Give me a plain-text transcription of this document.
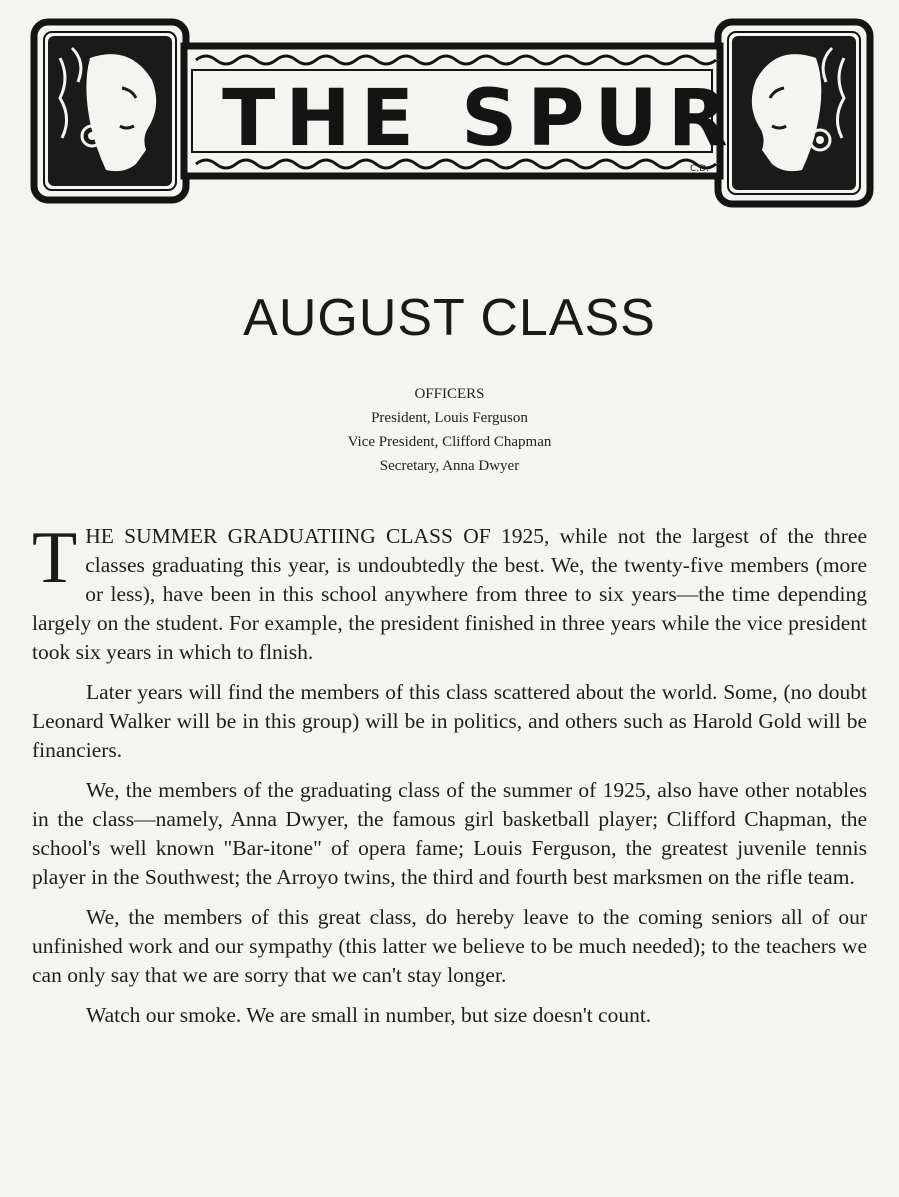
THE SPUR
C.D.
AUGUST CLASS
OFFICERS
President, Louis Ferguson
Vice President, Clifford Chapman
Secretary, Anna Dwyer

THE SUMMER GRADUATIING CLASS OF 1925, while not the largest of the three classes graduating this year, is undoubtedly the best. We, the twenty-five members (more or less), have been in this school anywhere from three to six years—the time depending largely on the student. For example, the president finished in three years while the vice president took six years in which to flnish.

Later years will find the members of this class scattered about the world. Some, (no doubt Leonard Walker will be in this group) will be in politics, and others such as Harold Gold will be financiers.

We, the members of the graduating class of the summer of 1925, also have other notables in the class—namely, Anna Dwyer, the famous girl basketball player; Clifford Chapman, the school's well known "Bar-itone" of opera fame; Louis Ferguson, the greatest juvenile tennis player in the Southwest; the Arroyo twins, the third and fourth best marksmen on the rifle team.

We, the members of this great class, do hereby leave to the coming seniors all of our unfinished work and our sympathy (this latter we believe to be much needed); to the teachers we can only say that we are sorry that we can't stay longer.

Watch our smoke. We are small in number, but size doesn't count.
